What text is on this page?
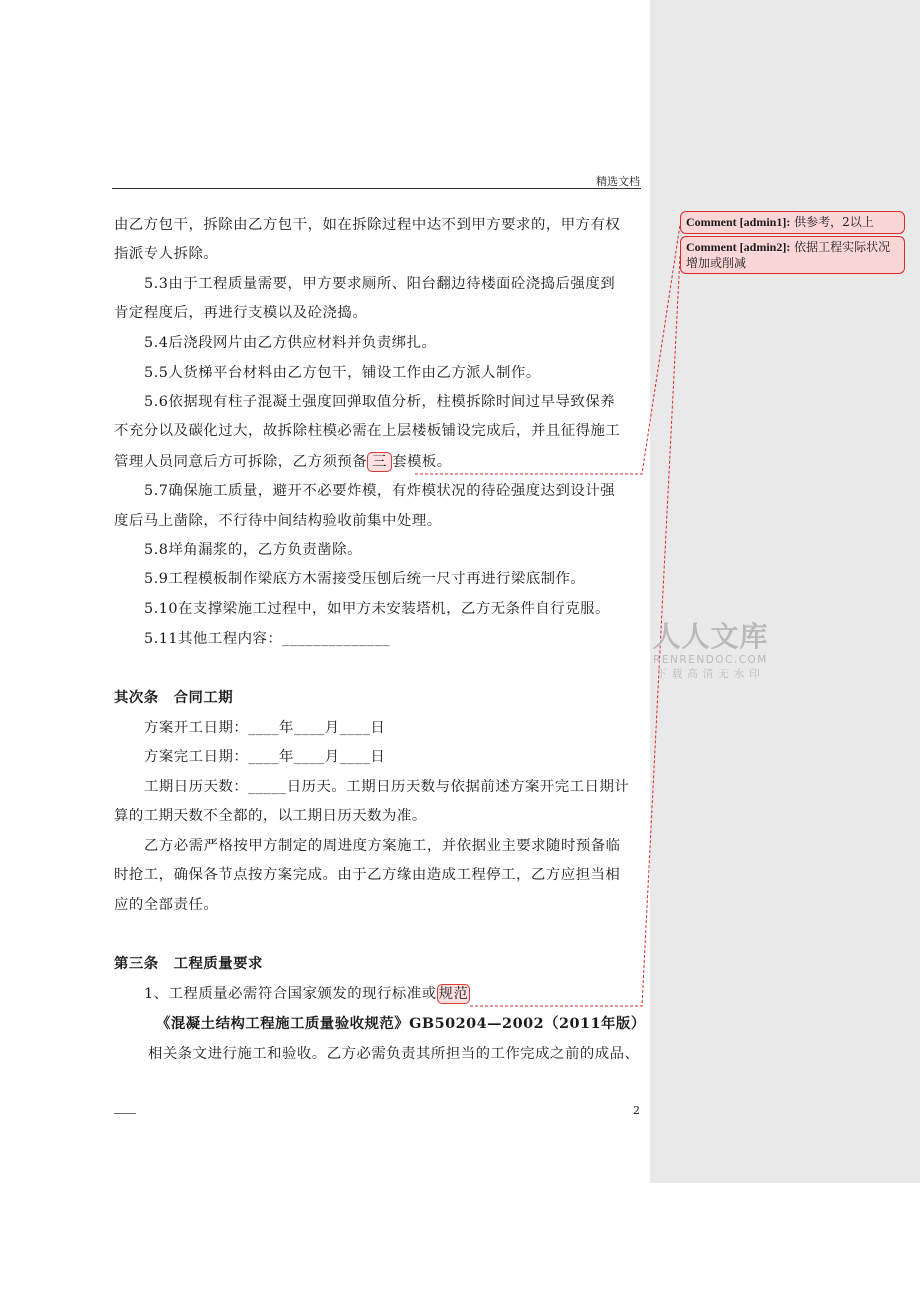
精选文档
由乙方包干，拆除由乙方包干，如在拆除过程中达不到甲方要求的，甲方有权
指派专人拆除。
5.3由于工程质量需要，甲方要求厕所、阳台翻边待楼面砼浇捣后强度到
肯定程度后，再进行支模以及砼浇捣。
5.4后浇段网片由乙方供应材料并负责绑扎。
5.5人货梯平台材料由乙方包干，铺设工作由乙方派人制作。
5.6依据现有柱子混凝土强度回弹取值分析，柱模拆除时间过早导致保养
不充分以及碳化过大，故拆除柱模必需在上层楼板铺设完成后，并且征得施工
管理人员同意后方可拆除，乙方须预备 三 套模板。
5.7确保施工质量，避开不必要炸模，有炸模状况的待砼强度达到设计强
度后马上凿除，不行待中间结构验收前集中处理。
5.8垟角漏浆的，乙方负责凿除。
5.9工程模板制作梁底方木需接受压刨后统一尺寸再进行梁底制作。
5.10在支撑梁施工过程中，如甲方未安装塔机，乙方无条件自行克服。
5.11其他工程内容：______________
其次条　合同工期
方案开工日期：____年____月____日
方案完工日期：____年____月____日
工期日历天数：_____日历天。工期日历天数与依据前述方案开完工日期计
算的工期天数不全都的，以工期日历天数为准。
乙方必需严格按甲方制定的周进度方案施工，并依据业主要求随时预备临
时抢工，确保各节点按方案完成。由于乙方缘由造成工程停工，乙方应担当相
应的全部责任。
第三条　工程质量要求
1、工程质量必需符合国家颁发的现行标准或 规范
《混凝土结构工程施工质量验收规范》GB50204—2002（2011年版）
相关条文进行施工和验收。乙方必需负责其所担当的工作完成之前的成品、
Comment [admin1]: 供参考，2以上
Comment [admin2]: 依据工程实际状况增加或削减
人人文库
RENRENDOC.COM
下载高清无水印
2
